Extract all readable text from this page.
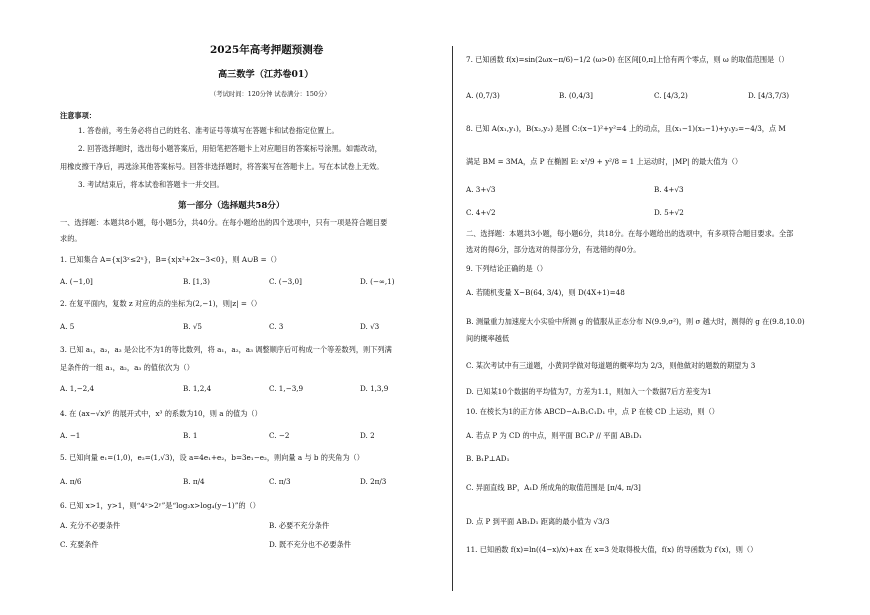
2025年高考押题预测卷
高三数学（江苏卷01）
（考试时间：120分钟 试卷满分：150分）
注意事项：
1. 答卷前，考生务必将自己的姓名、准考证号等填写在答题卡和试卷指定位置上。
2. 回答选择题时，选出每小题答案后，用铅笔把答题卡上对应题目的答案标号涂黑。如需改动，
用橡皮擦干净后，再选涂其他答案标号。回答非选择题时，将答案写在答题卡上。写在本试卷上无效。
3. 考试结束后，将本试卷和答题卡一并交回。
第一部分（选择题共58分）
一、选择题：本题共8小题，每小题5分，共40分。在每小题给出的四个选项中，只有一项是符合题目要
求的。
1. 已知集合 A={x|3ˣ≤2ˣ}，B={x|x²+2x−3<0}，则 A∪B =（）
A. (−1,0]	B. [1,3)	C. (−3,0]	D. (−∞,1)
2. 在复平面内，复数 z 对应的点的坐标为(2,−1)，则|z| =（）
A. 5	B. √5	C. 3	D. √3
3. 已知 a₁，a₂，a₃ 是公比不为1的等比数列，将 a₁，a₂，a₃ 调整顺序后可构成一个等差数列，则下列满
足条件的一组 a₁，a₂，a₃ 的值依次为（）
A. 1,−2,4	B. 1,2,4	C. 1,−3,9	D. 1,3,9
4. 在 (ax−√x)⁶ 的展开式中，x³ 的系数为10，则 a 的值为（）
A. −1	B. 1	C. −2	D. 2
5. 已知向量 e₁=(1,0)，e₂=(1,√3)，设 a=4e₁+e₂，b=3e₁−e₂，则向量 a 与 b 的夹角为（）
A. π/6	B. π/4	C. π/3	D. 2π/3
6. 已知 x>1，y>1，则“4ˣ>2ʸ”是“log₂x>log₄(y−1)”的（）
A. 充分不必要条件	B. 必要不充分条件
C. 充要条件	D. 既不充分也不必要条件
7. 已知函数 f(x)=sin(2ωx−π/6)−1/2 (ω>0) 在区间[0,π]上恰有两个零点，则 ω 的取值范围是（）
A. (0,7/3)	B. (0,4/3]	C. [4/3,2)	D. [4/3,7/3)
8. 已知 A(x₁,y₁)，B(x₂,y₂) 是圆 C:(x−1)²+y²=4 上的动点，且(x₁−1)(x₂−1)+y₁y₂=−4/3，点 M
满足 BM = 3MA，点 P 在椭圆 E: x²/9 + y²/8 = 1 上运动时，|MP| 的最大值为（）
A. 3+√3	B. 4+√3
C. 4+√2	D. 5+√2
二、选择题：本题共3小题，每小题6分，共18分。在每小题给出的选项中，有多项符合题目要求。全部
选对的得6分，部分选对的得部分分，有选错的得0分。
9. 下列结论正确的是（）
A. 若随机变量 X~B(64, 3/4)，则 D(4X+1)=48
B. 测量重力加速度大小实验中所测 g 的值服从正态分布 N(9.9,σ²)，则 σ 越大时，测得的 g 在(9.8,10.0)
间的概率越低
C. 某次考试中有三道题，小黄同学做对每道题的概率均为 2/3，则他做对的题数的期望为 3
D. 已知某10个数据的平均值为7，方差为1.1，则加入一个数据7后方差变为1
10. 在棱长为1的正方体 ABCD−A₁B₁C₁D₁ 中，点 P 在棱 CD 上运动，则（）
A. 若点 P 为 CD 的中点，则平面 BC₁P // 平面 AB₁D₁
B. B₁P⊥AD₁
C. 异面直线 BP，A₁D 所成角的取值范围是 [π/4, π/3]
D. 点 P 到平面 AB₁D₁ 距离的最小值为 √3/3
11. 已知函数 f(x)=ln((4−x)/x)+ax 在 x=3 处取得极大值，f(x) 的导函数为 f′(x)，则（）
